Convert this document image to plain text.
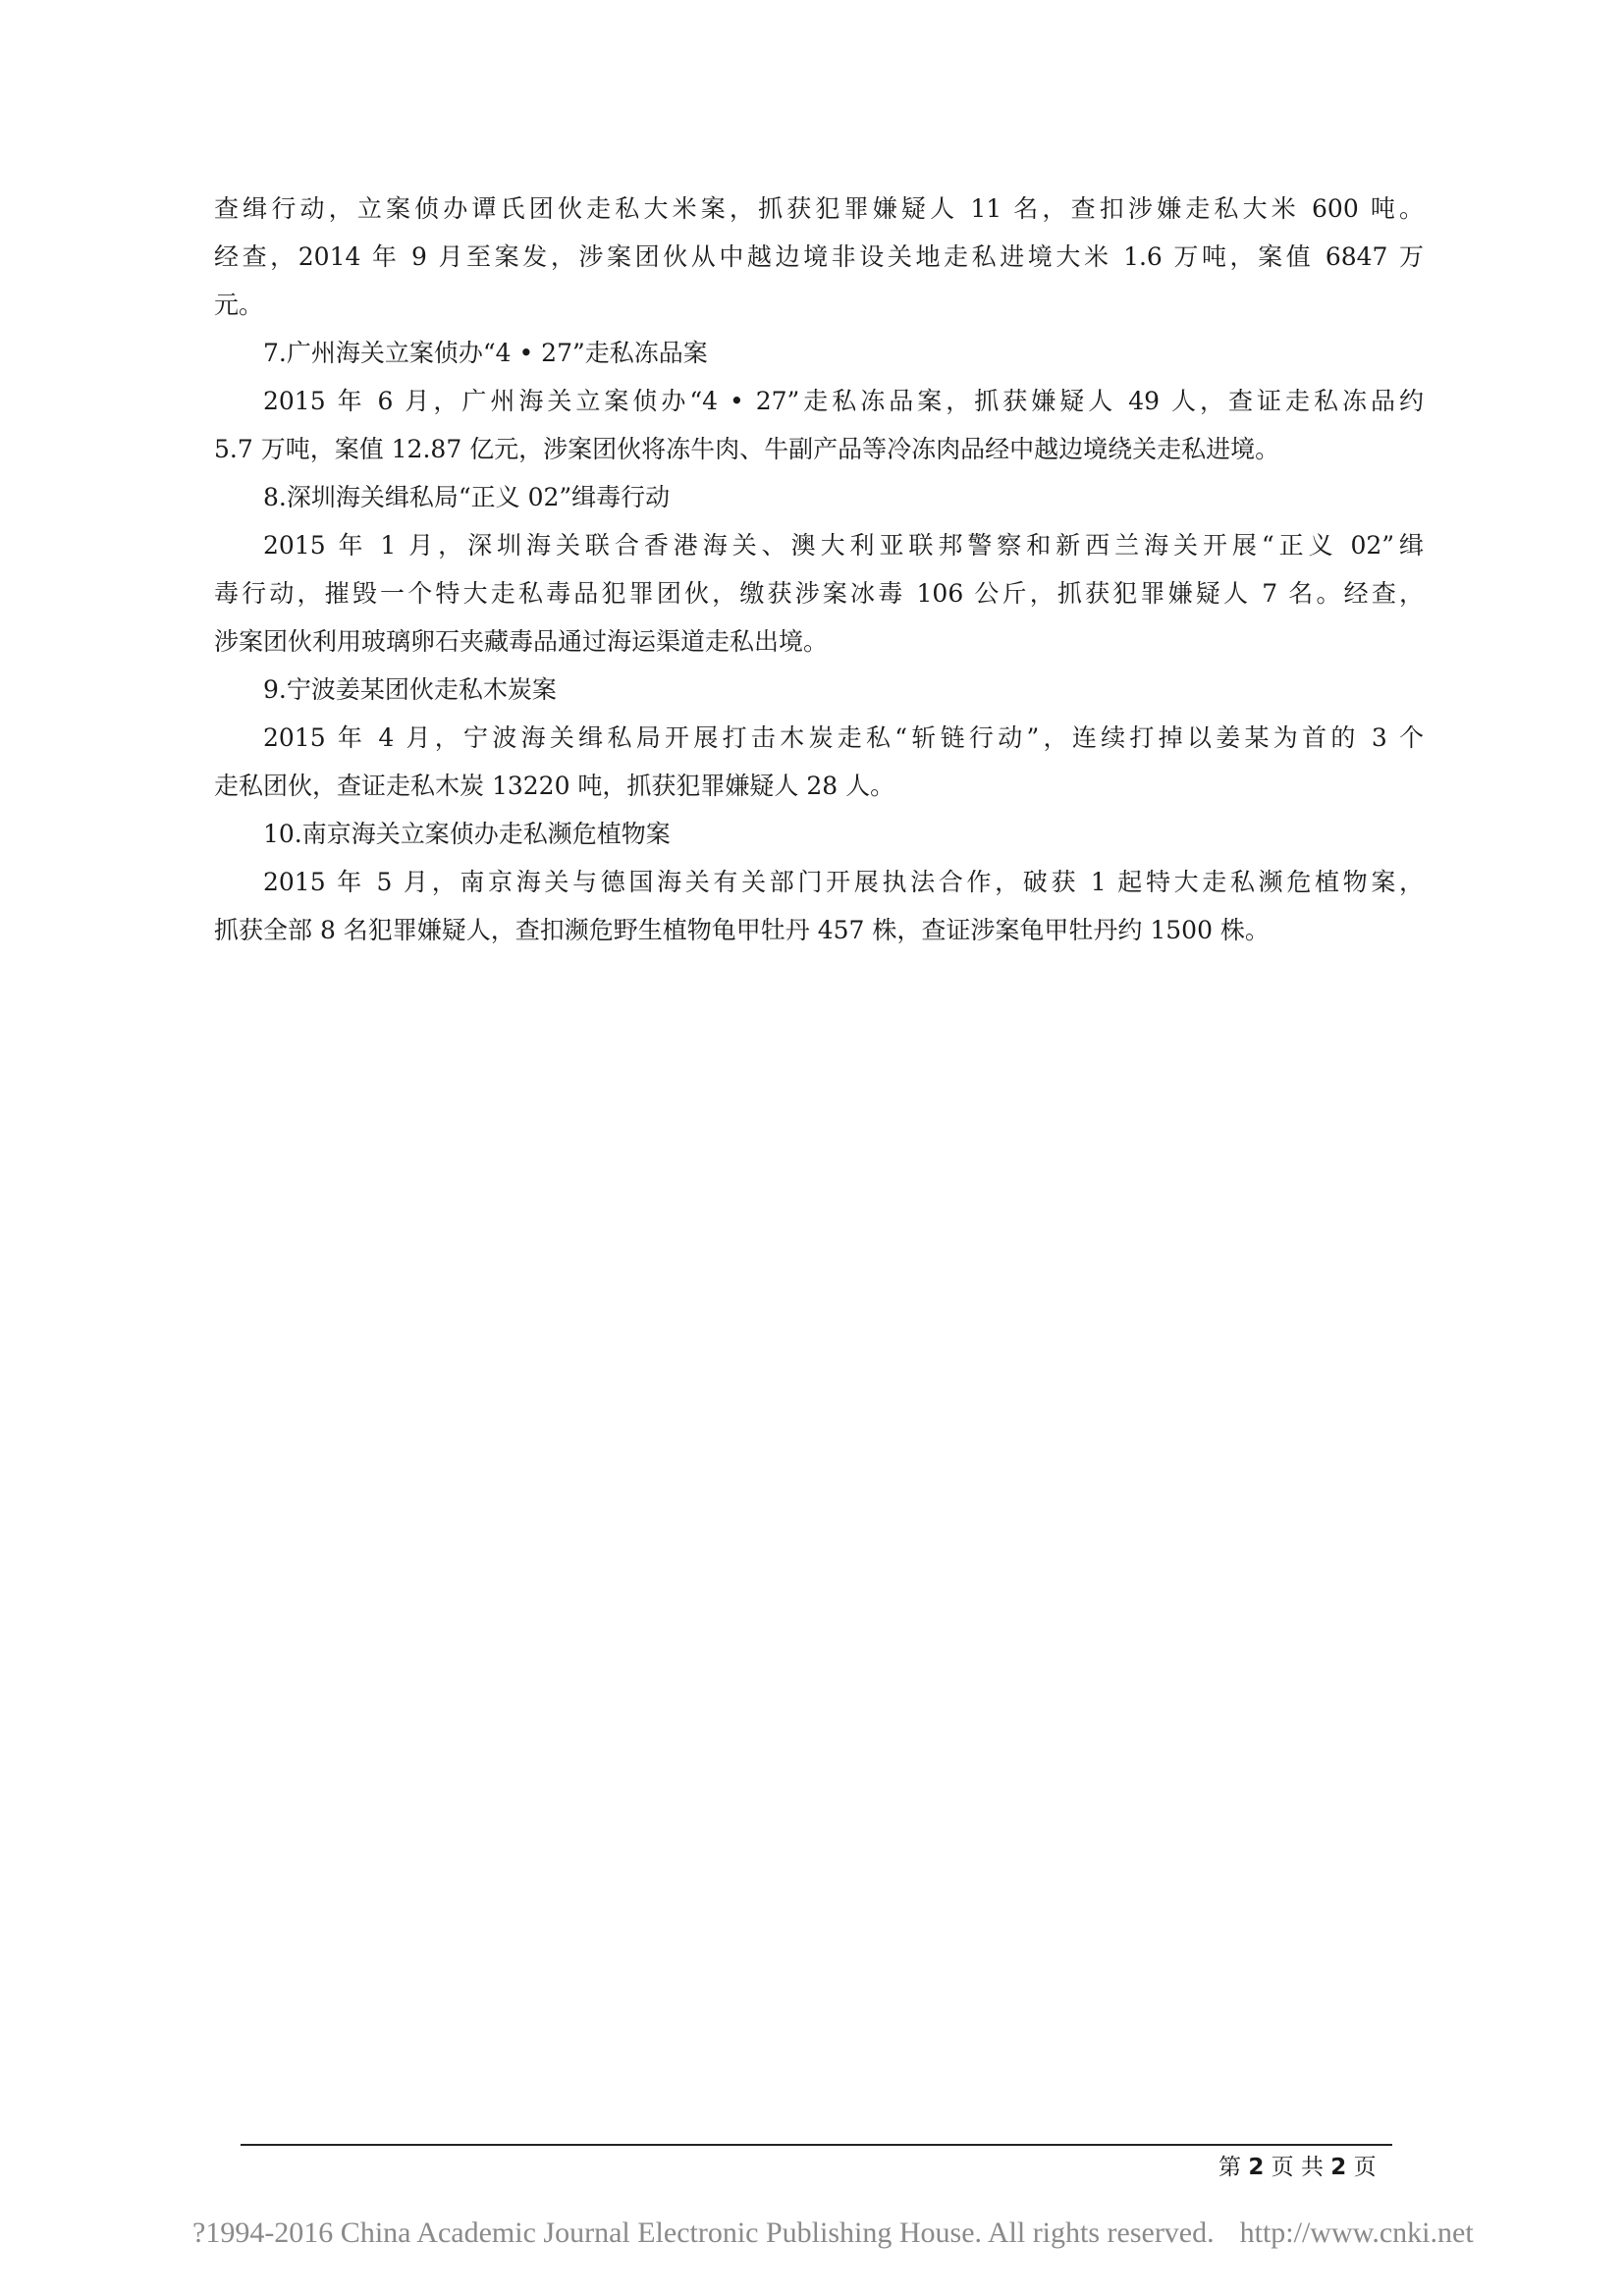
查缉行动，立案侦办谭氏团伙走私大米案，抓获犯罪嫌疑人 11 名，查扣涉嫌走私大米 600 吨。
经查，2014 年 9 月至案发，涉案团伙从中越边境非设关地走私进境大米 1.6 万吨，案值 6847 万
元。
7.广州海关立案侦办“4 • 27”走私冻品案
2015 年 6 月，广州海关立案侦办“4 • 27”走私冻品案，抓获嫌疑人 49 人，查证走私冻品约
5.7 万吨，案值 12.87 亿元，涉案团伙将冻牛肉、牛副产品等冷冻肉品经中越边境绕关走私进境。
8.深圳海关缉私局“正义 02”缉毒行动
2015 年 1 月，深圳海关联合香港海关、澳大利亚联邦警察和新西兰海关开展“正义 02”缉
毒行动，摧毁一个特大走私毒品犯罪团伙，缴获涉案冰毒 106 公斤，抓获犯罪嫌疑人 7 名。经查，
涉案团伙利用玻璃卵石夹藏毒品通过海运渠道走私出境。
9.宁波姜某团伙走私木炭案
2015 年 4 月，宁波海关缉私局开展打击木炭走私“斩链行动”，连续打掉以姜某为首的 3 个
走私团伙，查证走私木炭 13220 吨，抓获犯罪嫌疑人 28 人。
10.南京海关立案侦办走私濒危植物案
2015 年 5 月，南京海关与德国海关有关部门开展执法合作，破获 1 起特大走私濒危植物案，
抓获全部 8 名犯罪嫌疑人，查扣濒危野生植物龟甲牡丹 457 株，查证涉案龟甲牡丹约 1500 株。
第 2 页 共 2 页
?1994-2016 China Academic Journal Electronic Publishing House. All rights reserved. http://www.cnki.net
